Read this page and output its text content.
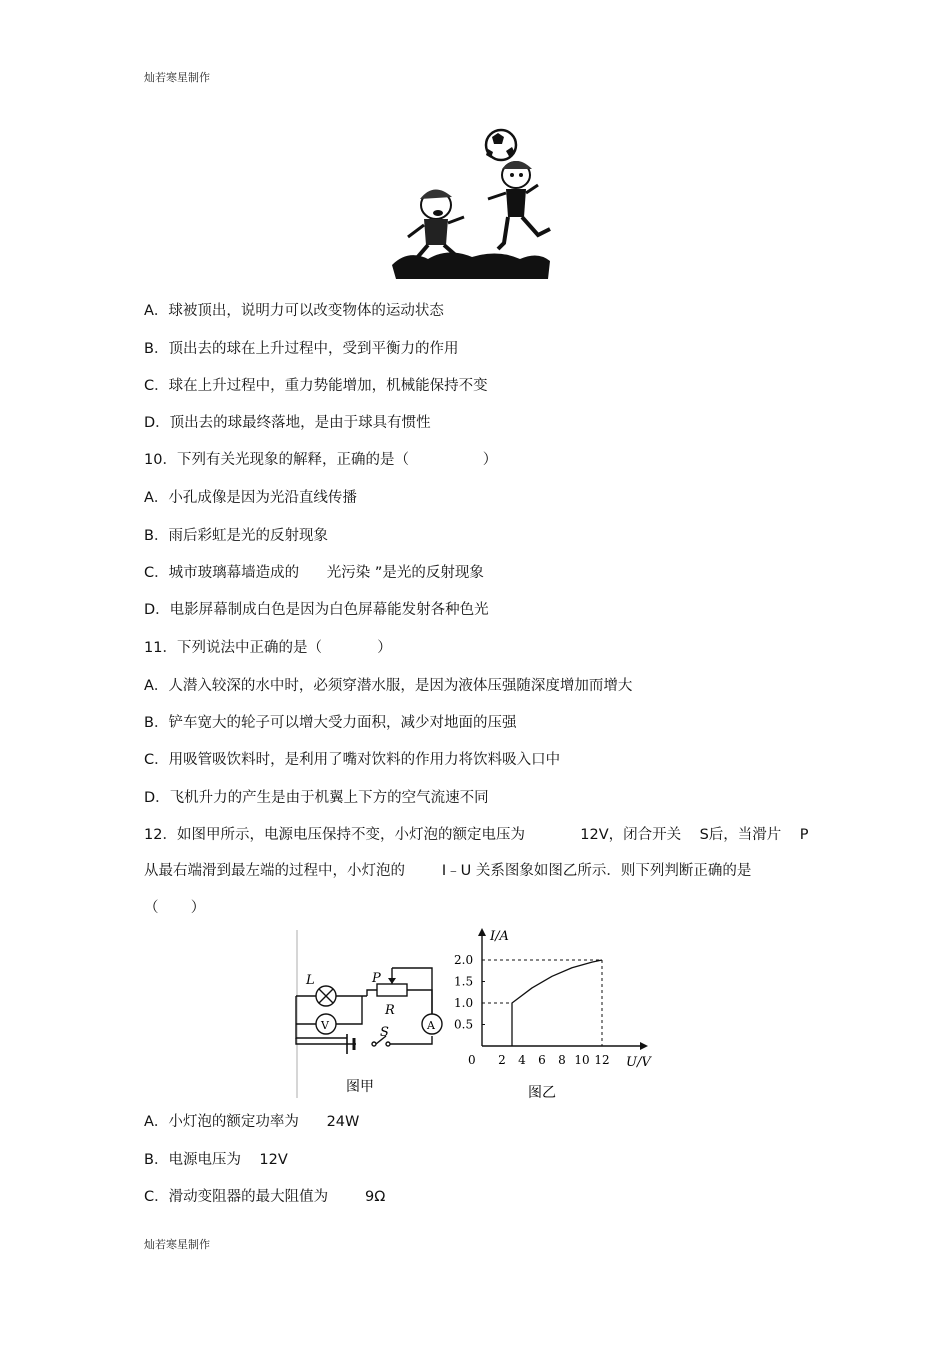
灿若寒星制作
A．球被顶出，说明力可以改变物体的运动状态
B．顶出去的球在上升过程中，受到平衡力的作用
C．球在上升过程中，重力势能增加，机械能保持不变
D．顶出去的球最终落地，是由于球具有惯性
10．下列有关光现象的解释，正确的是（                ）
A．小孔成像是因为光沿直线传播
B．雨后彩虹是光的反射现象
C．城市玻璃幕墙造成的      光污染 ”是光的反射现象
D．电影屏幕制成白色是因为白色屏幕能发射各种色光
11．下列说法中正确的是（            ）
A．人潜入较深的水中时，必须穿潜水服，是因为液体压强随深度增加而增大
B．铲车宽大的轮子可以增大受力面积，减少对地面的压强
C．用吸管吸饮料时，是利用了嘴对饮料的作用力将饮料吸入口中
D．飞机升力的产生是由于机翼上下方的空气流速不同
12．如图甲所示，电源电压保持不变，小灯泡的额定电压为            12V，闭合开关    S后，当滑片    P
从最右端滑到最左端的过程中，小灯泡的        I﹣U 关系图象如图乙所示．则下列判断正确的是
（       ）
L
V	A
P
R
S
图甲
2.0
1.5
1.0
0.5
0 2 4 6 8 10 12
I/A
U/V
图乙
A．小灯泡的额定功率为      24W
B．电源电压为    12V
C．滑动变阻器的最大阻值为        9Ω
灿若寒星制作
